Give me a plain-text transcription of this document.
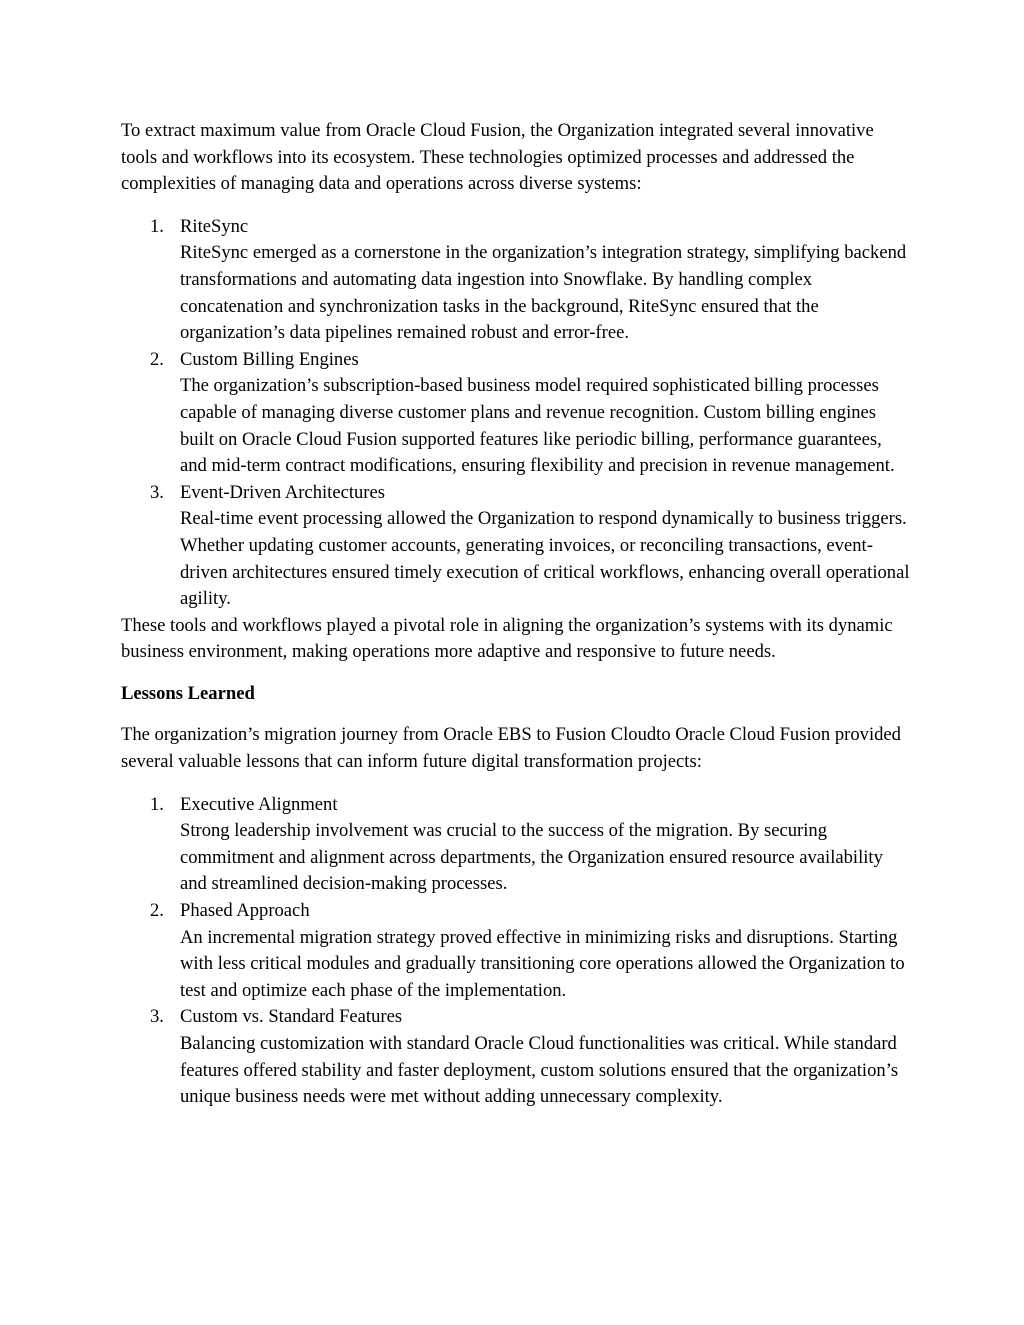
To extract maximum value from Oracle Cloud Fusion, the Organization integrated several innovative tools and workflows into its ecosystem. These technologies optimized processes and addressed the complexities of managing data and operations across diverse systems:

1. RiteSync
RiteSync emerged as a cornerstone in the organization’s integration strategy, simplifying backend transformations and automating data ingestion into Snowflake. By handling complex concatenation and synchronization tasks in the background, RiteSync ensured that the organization’s data pipelines remained robust and error-free.
2. Custom Billing Engines
The organization’s subscription-based business model required sophisticated billing processes capable of managing diverse customer plans and revenue recognition. Custom billing engines built on Oracle Cloud Fusion supported features like periodic billing, performance guarantees, and mid-term contract modifications, ensuring flexibility and precision in revenue management.
3. Event-Driven Architectures
Real-time event processing allowed the Organization to respond dynamically to business triggers. Whether updating customer accounts, generating invoices, or reconciling transactions, event-driven architectures ensured timely execution of critical workflows, enhancing overall operational agility.

These tools and workflows played a pivotal role in aligning the organization’s systems with its dynamic business environment, making operations more adaptive and responsive to future needs.

Lessons Learned

The organization’s migration journey from Oracle EBS to Fusion Cloudto Oracle Cloud Fusion provided several valuable lessons that can inform future digital transformation projects:

1. Executive Alignment
Strong leadership involvement was crucial to the success of the migration. By securing commitment and alignment across departments, the Organization ensured resource availability and streamlined decision-making processes.
2. Phased Approach
An incremental migration strategy proved effective in minimizing risks and disruptions. Starting with less critical modules and gradually transitioning core operations allowed the Organization to test and optimize each phase of the implementation.
3. Custom vs. Standard Features
Balancing customization with standard Oracle Cloud functionalities was critical. While standard features offered stability and faster deployment, custom solutions ensured that the organization’s unique business needs were met without adding unnecessary complexity.
